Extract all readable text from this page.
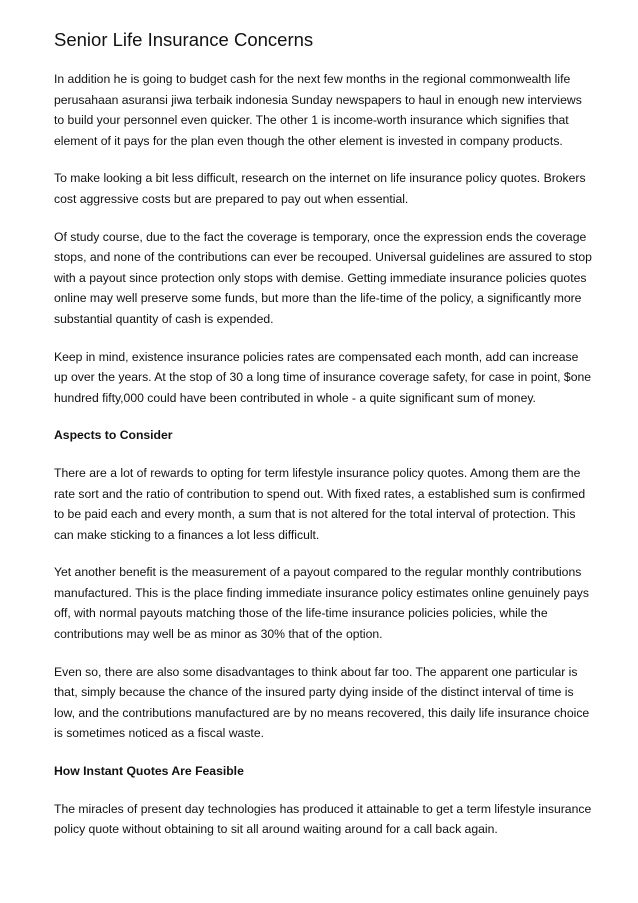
Senior Life Insurance Concerns

In addition he is going to budget cash for the next few months in the regional commonwealth life perusahaan asuransi jiwa terbaik indonesia Sunday newspapers to haul in enough new interviews to build your personnel even quicker. The other 1 is income-worth insurance which signifies that element of it pays for the plan even though the other element is invested in company products.

To make looking a bit less difficult, research on the internet on life insurance policy quotes. Brokers cost aggressive costs but are prepared to pay out when essential.

Of study course, due to the fact the coverage is temporary, once the expression ends the coverage stops, and none of the contributions can ever be recouped. Universal guidelines are assured to stop with a payout since protection only stops with demise. Getting immediate insurance policies quotes online may well preserve some funds, but more than the life-time of the policy, a significantly more substantial quantity of cash is expended.

Keep in mind, existence insurance policies rates are compensated each month, add can increase up over the years. At the stop of 30 a long time of insurance coverage safety, for case in point, $one hundred fifty,000 could have been contributed in whole - a quite significant sum of money.

Aspects to Consider

There are a lot of rewards to opting for term lifestyle insurance policy quotes. Among them are the rate sort and the ratio of contribution to spend out. With fixed rates, a established sum is confirmed to be paid each and every month, a sum that is not altered for the total interval of protection. This can make sticking to a finances a lot less difficult.

Yet another benefit is the measurement of a payout compared to the regular monthly contributions manufactured. This is the place finding immediate insurance policy estimates online genuinely pays off, with normal payouts matching those of the life-time insurance policies policies, while the contributions may well be as minor as 30% that of the option.

Even so, there are also some disadvantages to think about far too. The apparent one particular is that, simply because the chance of the insured party dying inside of the distinct interval of time is low, and the contributions manufactured are by no means recovered, this daily life insurance choice is sometimes noticed as a fiscal waste.

How Instant Quotes Are Feasible

The miracles of present day technologies has produced it attainable to get a term lifestyle insurance policy quote without obtaining to sit all around waiting around for a call back again.
